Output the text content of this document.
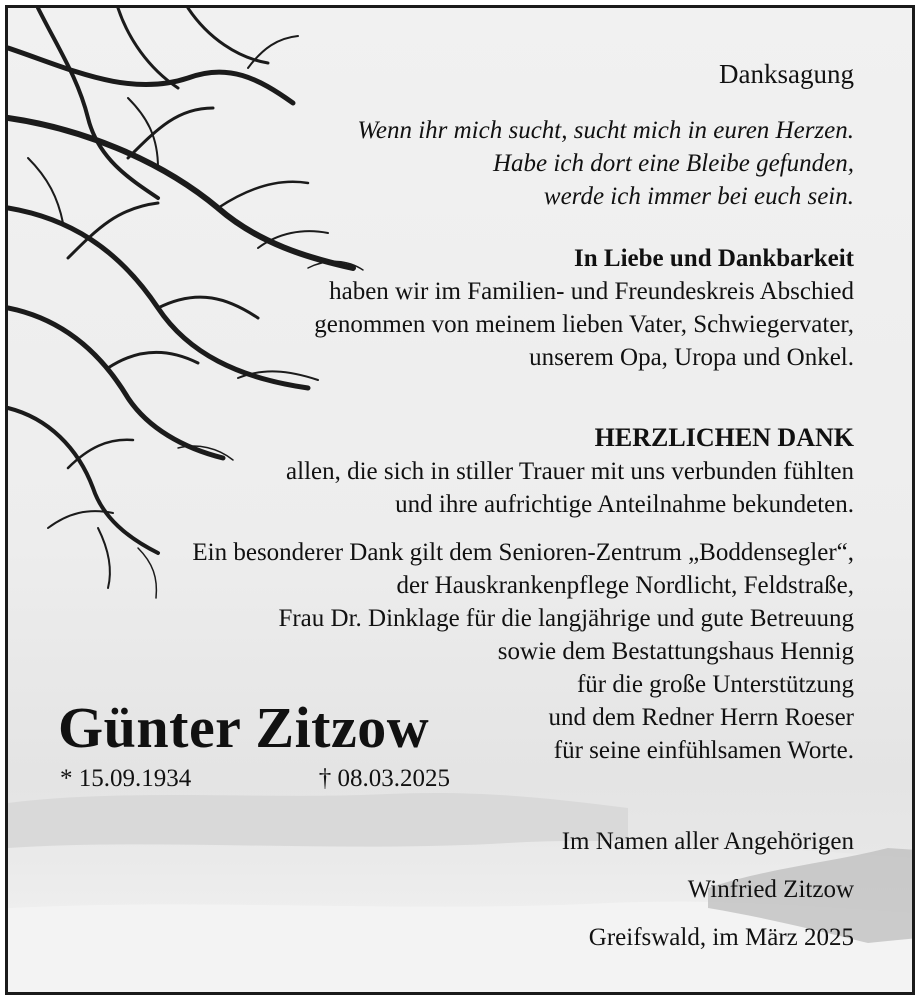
Danksagung
Wenn ihr mich sucht, sucht mich in euren Herzen.
Habe ich dort eine Bleibe gefunden,
werde ich immer bei euch sein.
In Liebe und Dankbarkeit
haben wir im Familien- und Freundeskreis Abschied
genommen von meinem lieben Vater, Schwiegervater,
unserem Opa, Uropa und Onkel.
HERZLICHEN DANK
allen, die sich in stiller Trauer mit uns verbunden fühlten
und ihre aufrichtige Anteilnahme bekundeten.
Ein besonderer Dank gilt dem Senioren-Zentrum „Boddensegler“,
der Hauskrankenpflege Nordlicht, Feldstraße,
Frau Dr. Dinklage für die langjährige und gute Betreuung
sowie dem Bestattungshaus Hennig
für die große Unterstützung
und dem Redner Herrn Roeser
für seine einfühlsamen Worte.
Günter Zitzow
* 15.09.1934	† 08.03.2025
Im Namen aller Angehörigen
Winfried Zitzow
Greifswald, im März 2025
